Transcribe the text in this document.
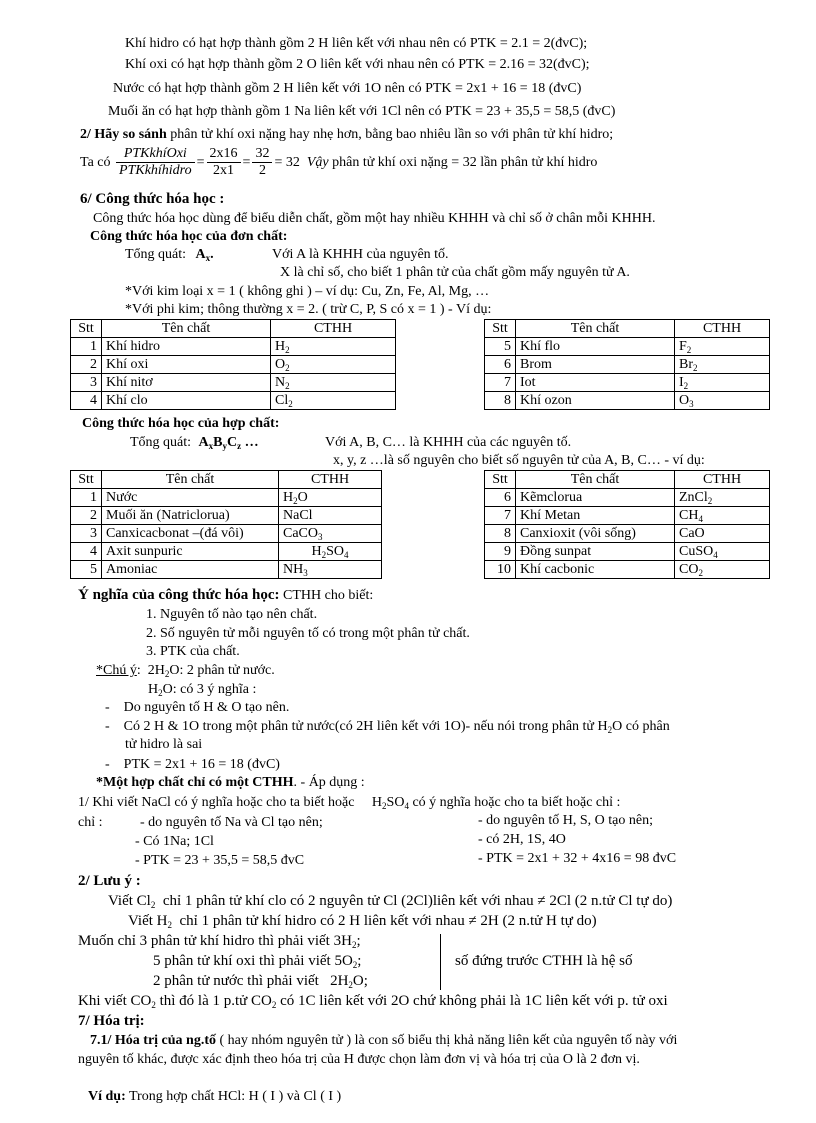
Khí hidro có hạt hợp thành gồm 2 H liên kết với nhau nên có PTK = 2.1 = 2(đvC);
Khí oxi có hạt hợp thành gồm 2 O liên kết với nhau nên có PTK = 2.16 = 32(đvC);
Nước có hạt hợp thành gồm 2 H liên kết với 1O nên có PTK = 2x1 + 16 = 18 (đvC)
Muối ăn có hạt hợp thành gồm 1 Na liên kết với 1Cl nên có PTK = 23 + 35,5 = 58,5 (đvC)
2/ Hãy so sánh phân tử khí oxi nặng hay nhẹ hơn, bằng bao nhiêu lần so với phân tử khí hidro;
Ta có $\frac{\text{PTKkhíOxi}}{\text{PTKkhíhidro}} = \frac{2x16}{2x1} = \frac{32}{2} = 32$ Vậy phân tử khí oxi nặng = 32 lần phân tử khí hidro
6/ Công thức hóa học :
Công thức hóa học dùng để biểu diễn chất, gồm một hay nhiều KHHH và chỉ số ở chân mỗi KHHH.
Công thức hóa học của đơn chất:
Tổng quát: $A_x$.	Với A là KHHH của nguyên tố.
X là chỉ số, cho biết 1 phân tử của chất gồm mấy nguyên tử A.
*Với kim loại x = 1 ( không ghi ) – ví dụ: Cu, Zn, Fe, Al, Mg, …
*Với phi kim; thông thường x = 2. ( trừ C, P, S có x = 1 ) - Ví dụ:
Stt	Tên chất	CTHH
1	Khí hidro	$H_2$
2	Khí oxi	$O_2$
3	Khí nitơ	$N_2$
4	Khí clo	$Cl_2$
Stt	Tên chất	CTHH
5	Khí flo	$F_2$
6	Brom	$Br_2$
7	Iot	$I_2$
8	Khí ozon	$O_3$
Công thức hóa học của hợp chất:
Tổng quát: $A_xB_yC_z$ …	Với A, B, C… là KHHH của các nguyên tố.
x, y, z …là số nguyên cho biết số nguyên tử của A, B, C… - ví dụ:
Stt	Tên chất	CTHH
1	Nước	$H_2O$
2	Muối ăn (Natriclorua)	NaCl
3	Canxicacbonat –(đá vôi)	CaCO$_3$
4	Axit sunpuric	$H_2SO_4$
5	Amoniac	$NH_3$
Stt	Tên chất	CTHH
6	Kẽmclorua	ZnCl$_2$
7	Khí Metan	$CH_4$
8	Canxioxit (vôi sống)	CaO
9	Đồng sunpat	CuSO$_4$
10	Khí cacbonic	$CO_2$
Ý nghĩa của công thức hóa học: CTHH cho biết:
1. Nguyên tố nào tạo nên chất.
2. Số nguyên tử mỗi nguyên tố có trong một phân tử chất.
3. PTK của chất.
*Chú ý:  $2H_2O$: 2 phân tử nước.
$H_2O$: có 3 ý nghĩa :
-    Do nguyên tố H & O tạo nên.
-    Có 2 H & 1O trong một phân tử nước(có 2H liên kết với 1O)- nếu nói trong phân tử $H_2O$ có phân
tử hidro là sai
-    PTK = 2x1 + 16 = 18 (đvC)
*Một hợp chất chỉ có một CTHH. - Áp dụng :
1/ Khi viết NaCl có ý nghĩa hoặc cho ta biết hoặc     $H_2SO_4$ có ý nghĩa hoặc cho ta biết hoặc chỉ :
chỉ :	- do nguyên tố Na và Cl tạo nên;
- Có 1Na; 1Cl
- PTK = 23 + 35,5 = 58,5 đvC
- do nguyên tố H, S, O tạo nên;
- có 2H, 1S, 4O
- PTK = 2x1 + 32 + 4x16 = 98 đvC
2/ Lưu ý :
Viết $Cl_2$ chỉ 1 phân tử khí clo có 2 nguyên tử Cl (2Cl)liên kết với nhau ≠ 2Cl (2 n.tử Cl tự do)
Viết $H_2$ chỉ 1 phân tử khí hidro có 2 H liên kết với nhau ≠ 2H (2 n.tử H tự do)
Muốn chỉ 3 phân tử khí hidro thì phải viết $3H_2$;
5 phân tử khí oxi thì phải viết $5O_2$;
2 phân tử nước thì phải viết   $2H_2O$;
số đứng trước CTHH là hệ số
Khi viết $CO_2$ thì đó là 1 p.tử $CO_2$ có 1C liên kết với 2O chứ không phải là 1C liên kết với p. tử oxi
7/ Hóa trị:
7.1/ Hóa trị của ng.tố ( hay nhóm nguyên tử ) là con số biểu thị khả năng liên kết của nguyên tố này với
nguyên tố khác, được xác định theo hóa trị của H được chọn làm đơn vị và hóa trị của O là 2 đơn vị.
Ví dụ: Trong hợp chất HCl: H ( I ) và Cl ( I )
